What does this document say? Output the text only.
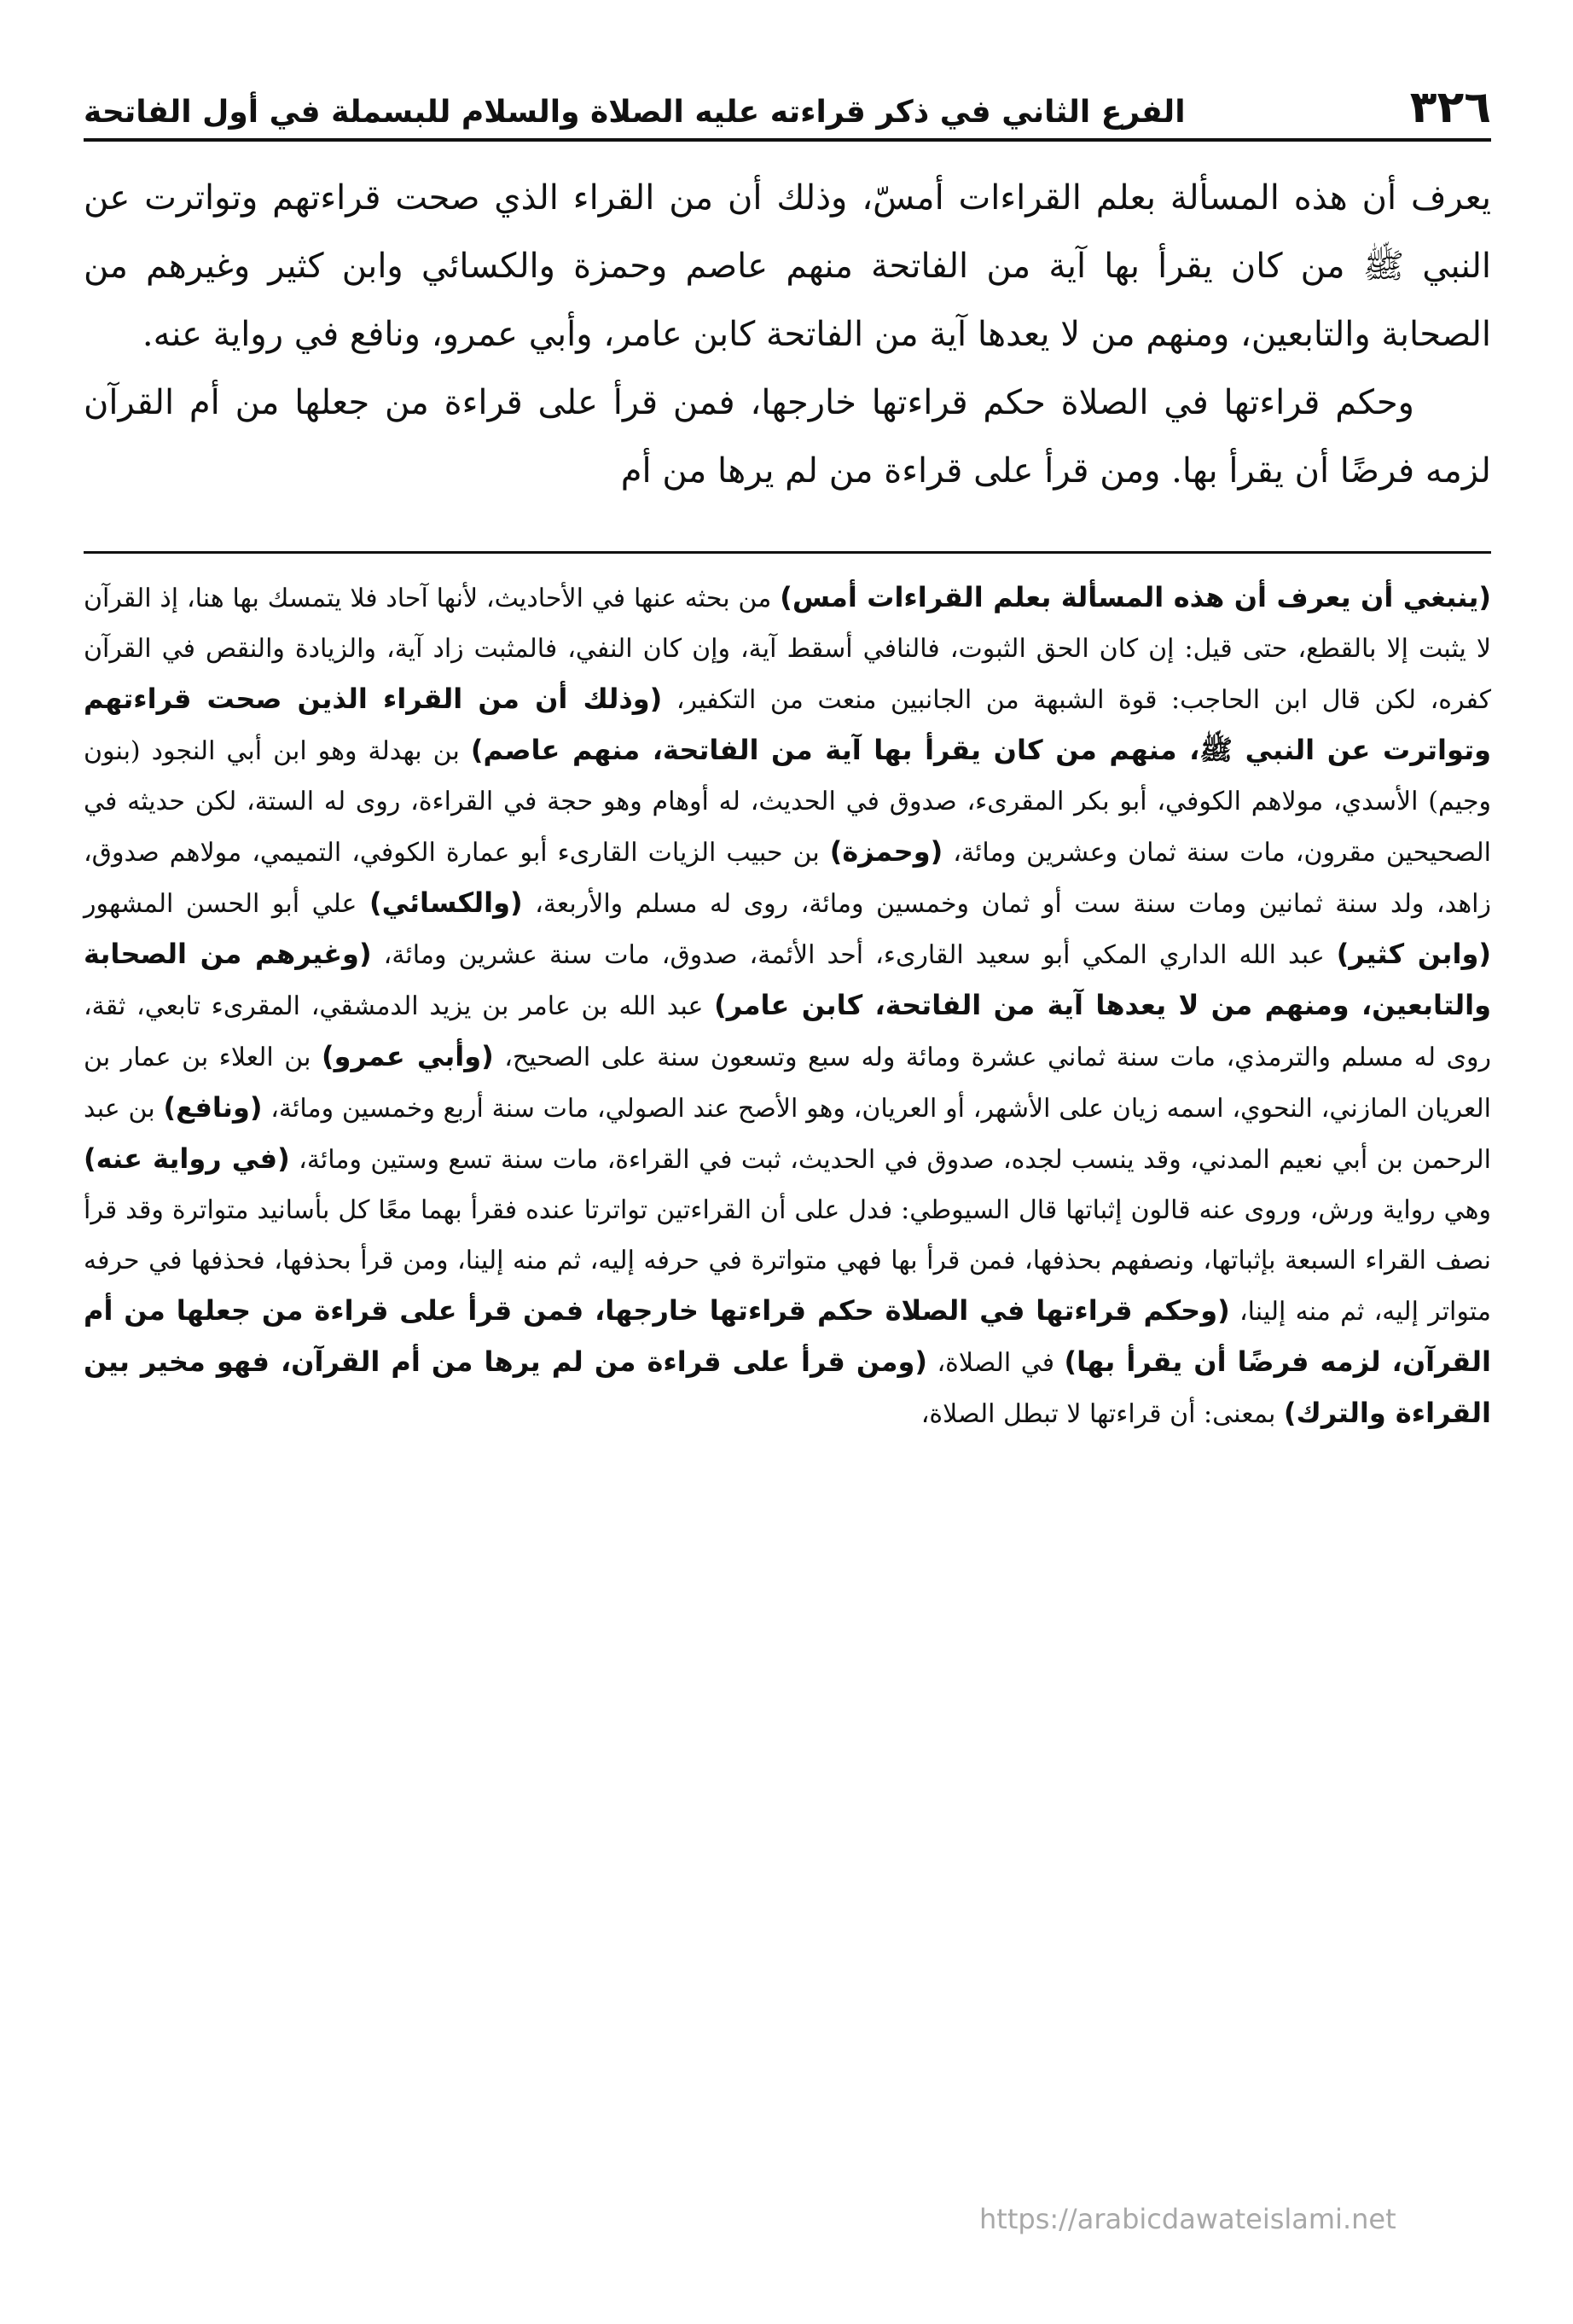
٣٢٦
الفرع الثاني في ذكر قراءته عليه الصلاة والسلام للبسملة في أول الفاتحة

يعرف أن هذه المسألة بعلم القراءات أمسّ، وذلك أن من القراء الذي صحت قراءتهم وتواترت عن النبي ﷺ من كان يقرأ بها آية من الفاتحة منهم عاصم وحمزة والكسائي وابن كثير وغيرهم من الصحابة والتابعين، ومنهم من لا يعدها آية من الفاتحة كابن عامر، وأبي عمرو، ونافع في رواية عنه.

وحكم قراءتها في الصلاة حكم قراءتها خارجها، فمن قرأ على قراءة من جعلها من أم القرآن لزمه فرضًا أن يقرأ بها. ومن قرأ على قراءة من لم يرها من أم

(ينبغي أن يعرف أن هذه المسألة بعلم القراءات أمس) من بحثه عنها في الأحاديث، لأنها آحاد فلا يتمسك بها هنا، إذ القرآن لا يثبت إلا بالقطع، حتى قيل: إن كان الحق الثبوت، فالنافي أسقط آية، وإن كان النفي، فالمثبت زاد آية، والزيادة والنقص في القرآن كفره، لكن قال ابن الحاجب: قوة الشبهة من الجانبين منعت من التكفير، (وذلك أن من القراء الذين صحت قراءتهم وتواترت عن النبي ﷺ، منهم من كان يقرأ بها آية من الفاتحة، منهم عاصم) بن بهدلة وهو ابن أبي النجود (بنون وجيم) الأسدي، مولاهم الكوفي، أبو بكر المقرىء، صدوق في الحديث، له أوهام وهو حجة في القراءة، روى له الستة، لكن حديثه في الصحيحين مقرون، مات سنة ثمان وعشرين ومائة، (وحمزة) بن حبيب الزيات القارىء أبو عمارة الكوفي، التميمي، مولاهم صدوق، زاهد، ولد سنة ثمانين ومات سنة ست أو ثمان وخمسين ومائة، روى له مسلم والأربعة، (والكسائي) علي أبو الحسن المشهور (وابن كثير) عبد الله الداري المكي أبو سعيد القارىء، أحد الأئمة، صدوق، مات سنة عشرين ومائة، (وغيرهم من الصحابة والتابعين، ومنهم من لا يعدها آية من الفاتحة، كابن عامر) عبد الله بن عامر بن يزيد الدمشقي، المقرىء تابعي، ثقة، روى له مسلم والترمذي، مات سنة ثماني عشرة ومائة وله سبع وتسعون سنة على الصحيح، (وأبي عمرو) بن العلاء بن عمار بن العريان المازني، النحوي، اسمه زيان على الأشهر، أو العريان، وهو الأصح عند الصولي، مات سنة أربع وخمسين ومائة، (ونافع) بن عبد الرحمن بن أبي نعيم المدني، وقد ينسب لجده، صدوق في الحديث، ثبت في القراءة، مات سنة تسع وستين ومائة، (في رواية عنه) وهي رواية ورش، وروى عنه قالون إثباتها قال السيوطي: فدل على أن القراءتين تواترتا عنده فقرأ بهما معًا كل بأسانيد متواترة وقد قرأ نصف القراء السبعة بإثباتها، ونصفهم بحذفها، فمن قرأ بها فهي متواترة في حرفه إليه، ثم منه إلينا، ومن قرأ بحذفها، فحذفها في حرفه متواتر إليه، ثم منه إلينا، (وحكم قراءتها في الصلاة حكم قراءتها خارجها، فمن قرأ على قراءة من جعلها من أم القرآن، لزمه فرضًا أن يقرأ بها) في الصلاة، (ومن قرأ على قراءة من لم يرها من أم القرآن، فهو مخير بين القراءة والترك) بمعنى: أن قراءتها لا تبطل الصلاة،

https://arabicdawateislami.net
